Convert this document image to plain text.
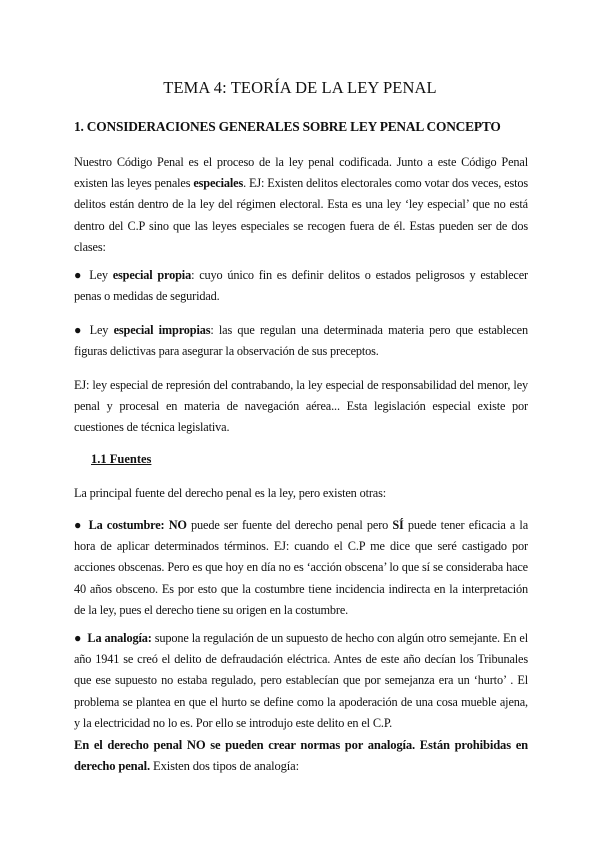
TEMA 4: TEORÍA DE LA LEY PENAL
1. CONSIDERACIONES GENERALES SOBRE LEY PENAL CONCEPTO

Nuestro Código Penal es el proceso de la ley penal codificada. Junto a este Código Penal existen las leyes penales especiales. EJ: Existen delitos electorales como votar dos veces, estos delitos están dentro de la ley del régimen electoral. Esta es una ley ‘ley especial’ que no está dentro del C.P sino que las leyes especiales se recogen fuera de él. Estas pueden ser de dos clases:

● Ley especial propia: cuyo único fin es definir delitos o estados peligrosos y establecer penas o medidas de seguridad.

● Ley especial impropias: las que regulan una determinada materia pero que establecen figuras delictivas para asegurar la observación de sus preceptos.

EJ: ley especial de represión del contrabando, la ley especial de responsabilidad del menor, ley penal y procesal en materia de navegación aérea... Esta legislación especial existe por cuestiones de técnica legislativa.

1.1 Fuentes

La principal fuente del derecho penal es la ley, pero existen otras:

● La costumbre: NO puede ser fuente del derecho penal pero SÍ puede tener eficacia a la hora de aplicar determinados términos. EJ: cuando el C.P me dice que seré castigado por acciones obscenas. Pero es que hoy en día no es ‘acción obscena’ lo que sí se consideraba hace 40 años obsceno. Es por esto que la costumbre tiene incidencia indirecta en la interpretación de la ley, pues el derecho tiene su origen en la costumbre.

● La analogía: supone la regulación de un supuesto de hecho con algún otro semejante. En el año 1941 se creó el delito de defraudación eléctrica. Antes de este año decían los Tribunales que ese supuesto no estaba regulado, pero establecían que por semejanza era un ‘hurto’ . El problema se plantea en que el hurto se define como la apoderación de una cosa mueble ajena, y la electricidad no lo es. Por ello se introdujo este delito en el C.P.

En el derecho penal NO se pueden crear normas por analogía. Están prohibidas en derecho penal. Existen dos tipos de analogía:
